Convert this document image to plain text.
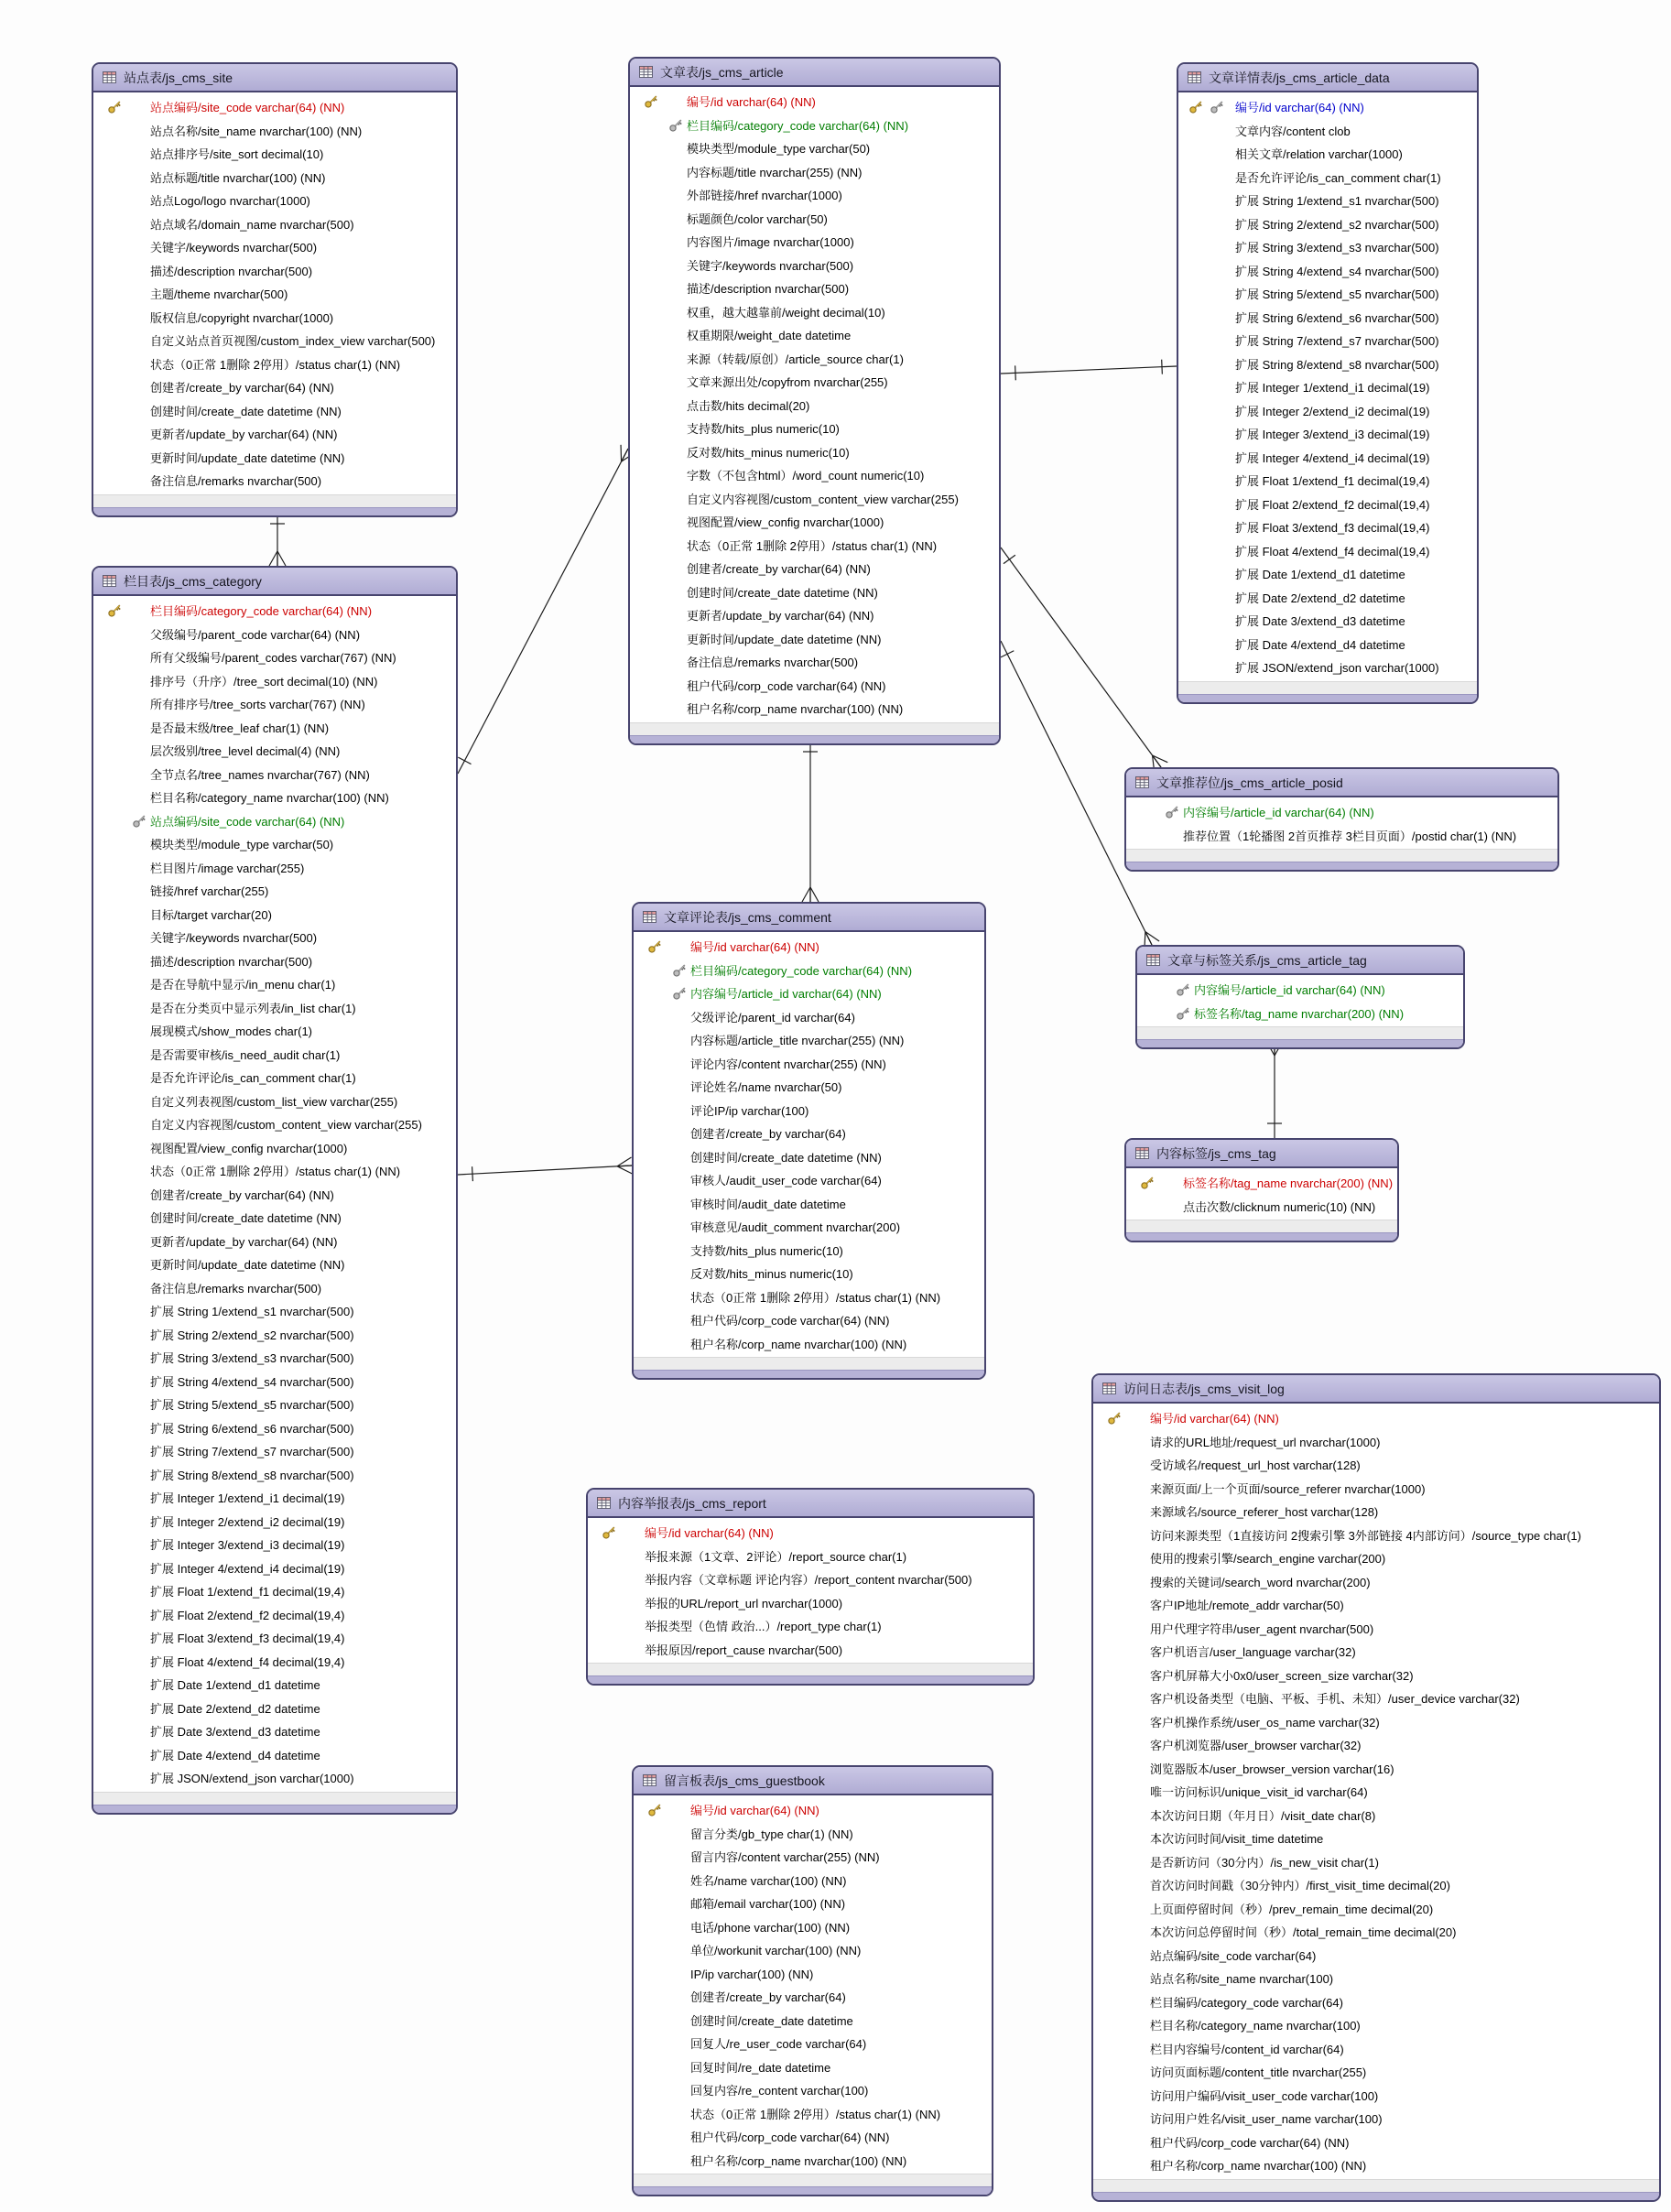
站点表/js_cms_site
站点编码/site_code varchar(64) (NN)
站点名称/site_name nvarchar(100) (NN)
站点排序号/site_sort decimal(10)
站点标题/title nvarchar(100) (NN)
站点Logo/logo nvarchar(1000)
站点域名/domain_name nvarchar(500)
关键字/keywords nvarchar(500)
描述/description nvarchar(500)
主题/theme nvarchar(500)
版权信息/copyright nvarchar(1000)
自定义站点首页视图/custom_index_view varchar(500)
状态（0正常 1删除 2停用）/status char(1) (NN)
创建者/create_by varchar(64) (NN)
创建时间/create_date datetime (NN)
更新者/update_by varchar(64) (NN)
更新时间/update_date datetime (NN)
备注信息/remarks nvarchar(500)
栏目表/js_cms_category
栏目编码/category_code varchar(64) (NN)
父级编号/parent_code varchar(64) (NN)
所有父级编号/parent_codes varchar(767) (NN)
排序号（升序）/tree_sort decimal(10) (NN)
所有排序号/tree_sorts varchar(767) (NN)
是否最末级/tree_leaf char(1) (NN)
层次级别/tree_level decimal(4) (NN)
全节点名/tree_names nvarchar(767) (NN)
栏目名称/category_name nvarchar(100) (NN)
站点编码/site_code varchar(64) (NN)
模块类型/module_type varchar(50)
栏目图片/image varchar(255)
链接/href varchar(255)
目标/target varchar(20)
关键字/keywords nvarchar(500)
描述/description nvarchar(500)
是否在导航中显示/in_menu char(1)
是否在分类页中显示列表/in_list char(1)
展现模式/show_modes char(1)
是否需要审核/is_need_audit char(1)
是否允许评论/is_can_comment char(1)
自定义列表视图/custom_list_view varchar(255)
自定义内容视图/custom_content_view varchar(255)
视图配置/view_config nvarchar(1000)
状态（0正常 1删除 2停用）/status char(1) (NN)
创建者/create_by varchar(64) (NN)
创建时间/create_date datetime (NN)
更新者/update_by varchar(64) (NN)
更新时间/update_date datetime (NN)
备注信息/remarks nvarchar(500)
扩展 String 1/extend_s1 nvarchar(500)
扩展 String 2/extend_s2 nvarchar(500)
扩展 String 3/extend_s3 nvarchar(500)
扩展 String 4/extend_s4 nvarchar(500)
扩展 String 5/extend_s5 nvarchar(500)
扩展 String 6/extend_s6 nvarchar(500)
扩展 String 7/extend_s7 nvarchar(500)
扩展 String 8/extend_s8 nvarchar(500)
扩展 Integer 1/extend_i1 decimal(19)
扩展 Integer 2/extend_i2 decimal(19)
扩展 Integer 3/extend_i3 decimal(19)
扩展 Integer 4/extend_i4 decimal(19)
扩展 Float 1/extend_f1 decimal(19,4)
扩展 Float 2/extend_f2 decimal(19,4)
扩展 Float 3/extend_f3 decimal(19,4)
扩展 Float 4/extend_f4 decimal(19,4)
扩展 Date 1/extend_d1 datetime
扩展 Date 2/extend_d2 datetime
扩展 Date 3/extend_d3 datetime
扩展 Date 4/extend_d4 datetime
扩展 JSON/extend_json varchar(1000)
文章表/js_cms_article
编号/id varchar(64) (NN)
栏目编码/category_code varchar(64) (NN)
模块类型/module_type varchar(50)
内容标题/title nvarchar(255) (NN)
外部链接/href nvarchar(1000)
标题颜色/color varchar(50)
内容图片/image nvarchar(1000)
关键字/keywords nvarchar(500)
描述/description nvarchar(500)
权重，越大越靠前/weight decimal(10)
权重期限/weight_date datetime
来源（转载/原创）/article_source char(1)
文章来源出处/copyfrom nvarchar(255)
点击数/hits decimal(20)
支持数/hits_plus numeric(10)
反对数/hits_minus numeric(10)
字数（不包含html）/word_count numeric(10)
自定义内容视图/custom_content_view varchar(255)
视图配置/view_config nvarchar(1000)
状态（0正常 1删除 2停用）/status char(1) (NN)
创建者/create_by varchar(64) (NN)
创建时间/create_date datetime (NN)
更新者/update_by varchar(64) (NN)
更新时间/update_date datetime (NN)
备注信息/remarks nvarchar(500)
租户代码/corp_code varchar(64) (NN)
租户名称/corp_name nvarchar(100) (NN)
文章详情表/js_cms_article_data
编号/id varchar(64) (NN)
文章内容/content clob
相关文章/relation varchar(1000)
是否允许评论/is_can_comment char(1)
扩展 String 1/extend_s1 nvarchar(500)
扩展 String 2/extend_s2 nvarchar(500)
扩展 String 3/extend_s3 nvarchar(500)
扩展 String 4/extend_s4 nvarchar(500)
扩展 String 5/extend_s5 nvarchar(500)
扩展 String 6/extend_s6 nvarchar(500)
扩展 String 7/extend_s7 nvarchar(500)
扩展 String 8/extend_s8 nvarchar(500)
扩展 Integer 1/extend_i1 decimal(19)
扩展 Integer 2/extend_i2 decimal(19)
扩展 Integer 3/extend_i3 decimal(19)
扩展 Integer 4/extend_i4 decimal(19)
扩展 Float 1/extend_f1 decimal(19,4)
扩展 Float 2/extend_f2 decimal(19,4)
扩展 Float 3/extend_f3 decimal(19,4)
扩展 Float 4/extend_f4 decimal(19,4)
扩展 Date 1/extend_d1 datetime
扩展 Date 2/extend_d2 datetime
扩展 Date 3/extend_d3 datetime
扩展 Date 4/extend_d4 datetime
扩展 JSON/extend_json varchar(1000)
文章评论表/js_cms_comment
编号/id varchar(64) (NN)
栏目编码/category_code varchar(64) (NN)
内容编号/article_id varchar(64) (NN)
父级评论/parent_id varchar(64)
内容标题/article_title nvarchar(255) (NN)
评论内容/content nvarchar(255) (NN)
评论姓名/name nvarchar(50)
评论IP/ip varchar(100)
创建者/create_by varchar(64)
创建时间/create_date datetime (NN)
审核人/audit_user_code varchar(64)
审核时间/audit_date datetime
审核意见/audit_comment nvarchar(200)
支持数/hits_plus numeric(10)
反对数/hits_minus numeric(10)
状态（0正常 1删除 2停用）/status char(1) (NN)
租户代码/corp_code varchar(64) (NN)
租户名称/corp_name nvarchar(100) (NN)
文章推荐位/js_cms_article_posid
内容编号/article_id varchar(64) (NN)
推荐位置（1轮播图 2首页推荐 3栏目页面）/postid char(1) (NN)
文章与标签关系/js_cms_article_tag
内容编号/article_id varchar(64) (NN)
标签名称/tag_name nvarchar(200) (NN)
内容标签/js_cms_tag
标签名称/tag_name nvarchar(200) (NN)
点击次数/clicknum numeric(10) (NN)
内容举报表/js_cms_report
编号/id varchar(64) (NN)
举报来源（1文章、2评论）/report_source char(1)
举报内容（文章标题 评论内容）/report_content nvarchar(500)
举报的URL/report_url nvarchar(1000)
举报类型（色情 政治...）/report_type char(1)
举报原因/report_cause nvarchar(500)
留言板表/js_cms_guestbook
编号/id varchar(64) (NN)
留言分类/gb_type char(1) (NN)
留言内容/content varchar(255) (NN)
姓名/name varchar(100) (NN)
邮箱/email varchar(100) (NN)
电话/phone varchar(100) (NN)
单位/workunit varchar(100) (NN)
IP/ip varchar(100) (NN)
创建者/create_by varchar(64)
创建时间/create_date datetime
回复人/re_user_code varchar(64)
回复时间/re_date datetime
回复内容/re_content varchar(100)
状态（0正常 1删除 2停用）/status char(1) (NN)
租户代码/corp_code varchar(64) (NN)
租户名称/corp_name nvarchar(100) (NN)
访问日志表/js_cms_visit_log
编号/id varchar(64) (NN)
请求的URL地址/request_url nvarchar(1000)
受访域名/request_url_host varchar(128)
来源页面/上一个页面/source_referer nvarchar(1000)
来源域名/source_referer_host varchar(128)
访问来源类型（1直接访问 2搜索引擎 3外部链接 4内部访问）/source_type char(1)
使用的搜索引擎/search_engine varchar(200)
搜索的关键词/search_word nvarchar(200)
客户IP地址/remote_addr varchar(50)
用户代理字符串/user_agent nvarchar(500)
客户机语言/user_language varchar(32)
客户机屏幕大小0x0/user_screen_size varchar(32)
客户机设备类型（电脑、平板、手机、未知）/user_device varchar(32)
客户机操作系统/user_os_name varchar(32)
客户机浏览器/user_browser varchar(32)
浏览器版本/user_browser_version varchar(16)
唯一访问标识/unique_visit_id varchar(64)
本次访问日期（年月日）/visit_date char(8)
本次访问时间/visit_time datetime
是否新访问（30分内）/is_new_visit char(1)
首次访问时间戳（30分钟内）/first_visit_time decimal(20)
上页面停留时间（秒）/prev_remain_time decimal(20)
本次访问总停留时间（秒）/total_remain_time decimal(20)
站点编码/site_code varchar(64)
站点名称/site_name nvarchar(100)
栏目编码/category_code varchar(64)
栏目名称/category_name nvarchar(100)
栏目内容编号/content_id varchar(64)
访问页面标题/content_title nvarchar(255)
访问用户编码/visit_user_code varchar(100)
访问用户姓名/visit_user_name varchar(100)
租户代码/corp_code varchar(64) (NN)
租户名称/corp_name nvarchar(100) (NN)
